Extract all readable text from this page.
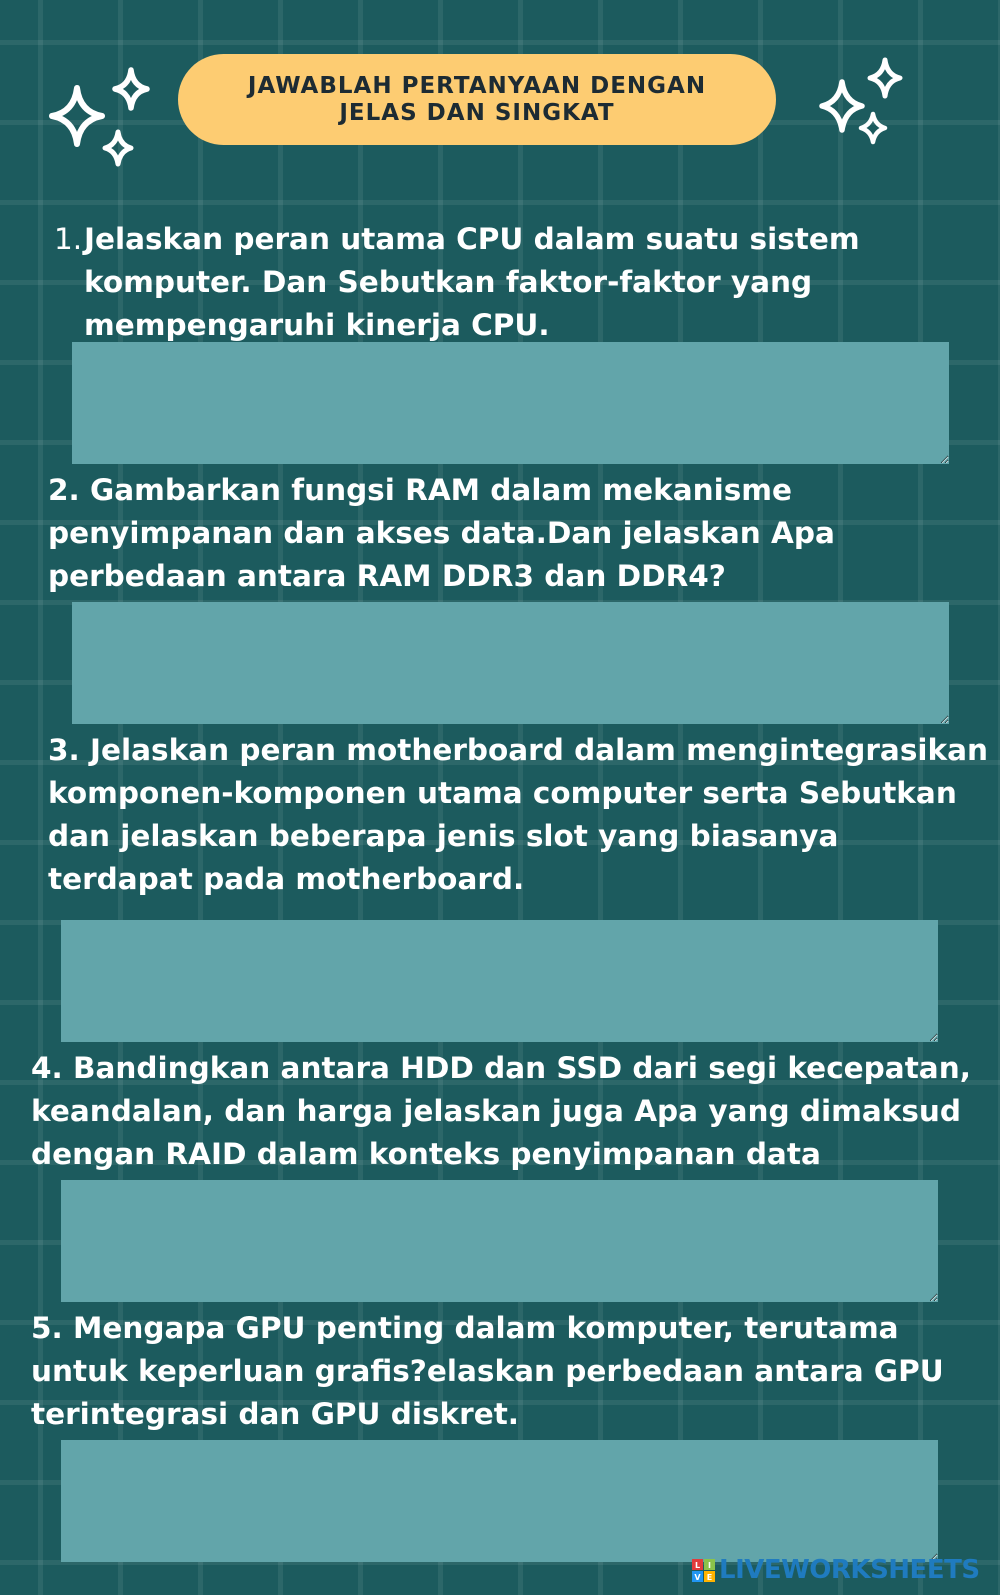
JAWABLAH PERTANYAAN DENGAN JELAS DAN SINGKAT

1. Jelaskan peran utama CPU dalam suatu sistem komputer. Dan Sebutkan faktor-faktor yang mempengaruhi kinerja CPU.

2. Gambarkan fungsi RAM dalam mekanisme penyimpanan dan akses data.Dan jelaskan Apa perbedaan antara RAM DDR3 dan DDR4?

3. Jelaskan peran motherboard dalam mengintegrasikan komponen-komponen utama computer serta Sebutkan dan jelaskan beberapa jenis slot yang biasanya terdapat pada motherboard.

4. Bandingkan antara HDD dan SSD dari segi kecepatan, keandalan, dan harga jelaskan juga Apa yang dimaksud dengan RAID dalam konteks penyimpanan data

5. Mengapa GPU penting dalam komputer, terutama untuk keperluan grafis?elaskan perbedaan antara GPU terintegrasi dan GPU diskret.

L I
V E LIVEWORKSHEETS
